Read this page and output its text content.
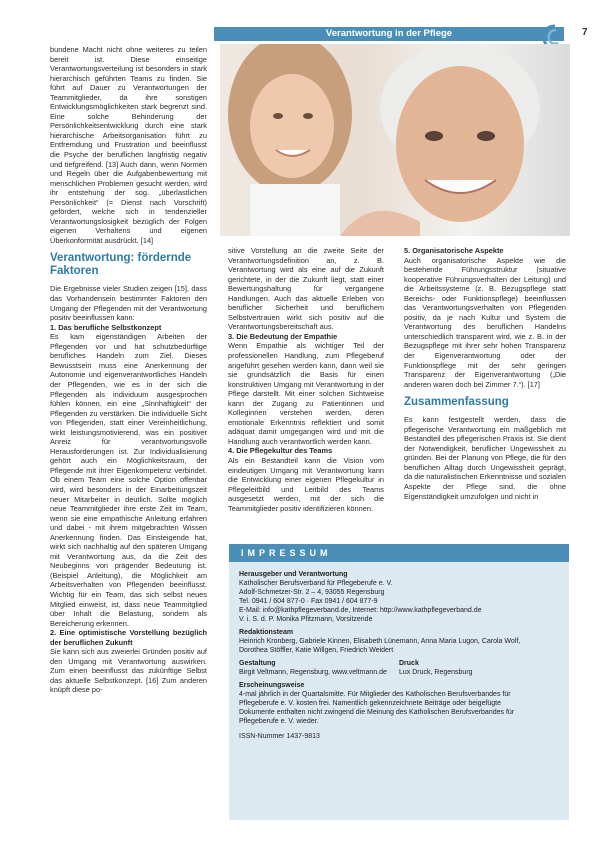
Verantwortung in der Pflege	7

bundene Macht nicht ohne weiteres zu teilen bereit ist. Diese einseitige Verantwortungsverteilung ist besonders in stark hierarchisch geführten Teams zu finden. Sie führt auf Dauer zu Verantwortungen der Teammitglieder, da ihre sonstigen Entwicklungsmöglichkeiten stark begrenzt sind. Eine solche Behinderung der Persönlichkeitsentwicklung durch eine stark hierarchische Arbeitsorganisation führt zu Entfremdung und Frustration und beeinflusst die Psyche der beruflichen langfristig negativ und tiefgreifend. [13] Auch dann, wenn Normen und Regeln über die Aufgabenbewertung mit menschlichen Problemen gesucht werden, wird ihr entstehung der sog. „überlastlichen Persönlichkeit“ (= Dienst nach Vorschrift) gefördert, welche sich in tendenzieller Verantwortungslosigkeit bezüglich der Folgen eigenen Verhaltens und eigenen Überkonformität ausdrückt. [14]

Verantwortung: fördernde Faktoren

Die Ergebnisse vieler Studien zeigen [15], dass das Vorhandensein bestimmter Faktoren den Umgang der Pflegenden mit der Verantwortung positiv beeinflussen kann:

1. Das berufliche Selbstkonzept

Es kam eigenständigen Arbeiten der Pflegenden vor und hat schutzbedürftige berufliches Handeln zum Ziel. Dieses Bewusstsein muss eine Anerkennung der Autonomie und eigenverantwortliches Handeln der Pflegenden, wie es in der sich die Pflegenden als individuum ausgesprochen fühlen können, ein eine „Sinnhaftigkeit“ der Pflegenden zu verstärken. Die individuelle Sicht von Pflegenden, statt einer Vereinheitlichung, wirkt leistungsmotivierend, was ein positiver Anreiz für verantwortungsvolle Herausforderungen ist. Zur Individualisierung gehört auch ein Möglichkeitsraum, der Pflegende mit ihrer Eigenkompetenz verbindet. Ob einem Team eine solche Option offenbar wird, wird besonders in der Einarbeitungszeit neuer Mitarbeiter in deutlich. Sollte möglich neue Teammitglieder ihre erste Zeit im Team, wenn sie eine empathische Anleitung erfahren und dabei - mit ihrem mitgebrachten Wissen Anerkennung finden. Das Einsteigende hat, wirkt sich nachhaltig auf den späteren Umgang mit Verantwortung aus, da die Zeit des Neubeginns von prägender Bedeutung ist. (Beispiel Anleitung), die Möglichkeit am Arbeitsverhalten von Pflegenden beeinflusst. Wichtig für ein Team, das sich selbst neues Mitglied einweist, ist, dass neue Teammitglied über Inhalt die Belastung, sondern als Bereicherung erkennen.

2. Eine optimistische Vorstellung bezüglich der beruflichen Zukunft

Sie kann sich aus zweierlei Gründen positiv auf den Umgang mit Verantwortung auswirken. Zum einen beeinflusst das zukünftige Selbst das aktuelle Selbstkonzept. [16] Zum anderen knüpft diese po-

sitive Vorstellung an die zweite Seite der Verantwortungsdefinition an, z. B. Verantwortung wird als eine auf die Zukunft gerichtete, in der die Zukunft liegt, statt einer Bewertungshaltung für vergangene Handlungen. Auch das aktuelle Erleben von beruflicher Sicherheit und beruflichem Selbstvertrauen wirkt sich positiv auf die Verantwortungsbereitschaft aus.

3. Die Bedeutung der Empathie

Wenn Empathie als wichtiger Teil der professionellen Handlung, zum Pflegeberuf angeführt gesehen werden kann, dann weil sie sie grundsätzlich die Basis für einen konstruktiven Umgang mit Verantwortung in der Pflege darstellt. Mit einer solchen Sichtweise kann der Zugang zu Patientinnen und Kolleginnen verstehen werden, deren emotionale Erkenntnis reflektiert und somit adäquat damit umgegangen wird und mit die Handlung auch verantwortlich werden kann.

4. Die Pflegekultur des Teams

Als ein Bestandteil kann die Vision vom eindeutigen Umgang mit Verantwortung kann die Entwicklung einer eigenen Pflegekultur in Pflegeleitbild und Leitbild des Teams ausgesetzt werden, mit der sich die Teammitglieder positiv identifizieren können.

5. Organisatorische Aspekte

Auch organisatorische Aspekte wie die bestehende Führungsstruktur (situative kooperative Führungsverhalten der Leitung) und die Arbeitssysteme (z. B. Bezugspflege statt Bereichs- oder Funktionspflege) beeinflussen das Verantwortungsverhalten von Pflegenden positiv, da je nach Kultur und System die Verantwortung des beruflichen Handelns unterschiedlich transparent wird, wie z. B. in der Bezugspflege mit ihrer sehr hohen Transparenz der Eigenverantwortung oder der Funktionspflege mit der sehr geringen Transparenz der Eigenverantwortung („Die anderen waren doch bei Zimmer 7.“). [17]

Zusammenfassung

Es kann festgestellt werden, dass die pflegerische Verantwortung ein maßgeblich mit Bestandteil des pflegerischen Praxis ist. Sie dient der Notwendigkeit, beruflicher Ungewissheit zu gründen. Bei der Planung von Pflege, die für den beruflichen Alltag durch Ungewissheit geprägt, da die naturalistischen Erkenntnisse und sozialen Aspekte der Pflege sind, die ohne Eigenständigkeit umzufolgen und nicht in

IMPRESSUM
Herausgeber und Verantwortung
Katholischer Berufsverband für Pflegeberufe e. V.
Adolf-Schmetzer-Str. 2 – 4, 93055 Regensburg
Tel. 0941 / 604 877-0 · Fax 0941 / 604 877-9
E-Mail: info@kathpflegeverband.de, Internet: http://www.kathpflegeverband.de
V. i. S. d. P. Monika Pfitzmann, Vorsitzende
Redaktionsteam
Heinrich Kronberg, Gabriele Kinnen, Elisabeth Lünemann, Anna Maria Lugon, Carola Wolf,
Dorothea Stöffler, Katie Willgen, Friedrich Weidert
Gestaltung
Birgit Veltmann, Regensburg, www.veltmann.de
Druck
Lux Druck, Regensburg
Erscheinungsweise
4-mal jährlich in der Quartalsmitte. Für Mitglieder des Katholischen Berufsverbandes für
Pflegeberufe e. V. kosten frei. Namentlich gekennzeichnete Beiträge oder beigefügte
Dokumente enthalten nicht zwingend die Meinung des Katholischen Berufsverbandes für
Pflegeberufe e. V. wieder.
ISSN-Nummer 1437-9813
